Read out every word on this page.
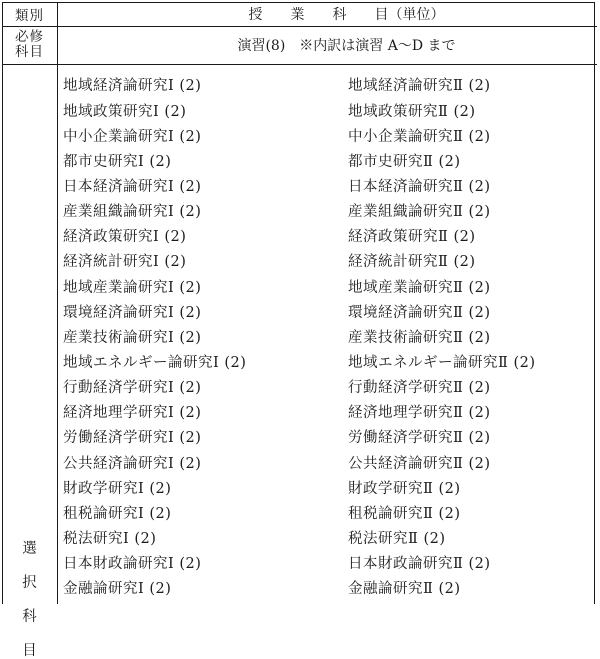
類別	授　　業　　科　　目（単位）
必修
科目	演習(8)　※内訳は演習 A～D まで
選
択
科
目
地域経済論研究Ⅰ (2)
地域政策研究Ⅰ (2)
中小企業論研究Ⅰ (2)
都市史研究Ⅰ (2)
日本経済論研究Ⅰ (2)
産業組織論研究Ⅰ (2)
経済政策研究Ⅰ (2)
経済統計研究Ⅰ (2)
地域産業論研究Ⅰ (2)
環境経済論研究Ⅰ (2)
産業技術論研究Ⅰ (2)
地域エネルギー論研究Ⅰ (2)
行動経済学研究Ⅰ (2)
経済地理学研究Ⅰ (2)
労働経済学研究Ⅰ (2)
公共経済論研究Ⅰ (2)
財政学研究Ⅰ (2)
租税論研究Ⅰ (2)
税法研究Ⅰ (2)
日本財政論研究Ⅰ (2)
金融論研究Ⅰ (2)
地域経済論研究Ⅱ (2)
地域政策研究Ⅱ (2)
中小企業論研究Ⅱ (2)
都市史研究Ⅱ (2)
日本経済論研究Ⅱ (2)
産業組織論研究Ⅱ (2)
経済政策研究Ⅱ (2)
経済統計研究Ⅱ (2)
地域産業論研究Ⅱ (2)
環境経済論研究Ⅱ (2)
産業技術論研究Ⅱ (2)
地域エネルギー論研究Ⅱ (2)
行動経済学研究Ⅱ (2)
経済地理学研究Ⅱ (2)
労働経済学研究Ⅱ (2)
公共経済論研究Ⅱ (2)
財政学研究Ⅱ (2)
租税論研究Ⅱ (2)
税法研究Ⅱ (2)
日本財政論研究Ⅱ (2)
金融論研究Ⅱ (2)
